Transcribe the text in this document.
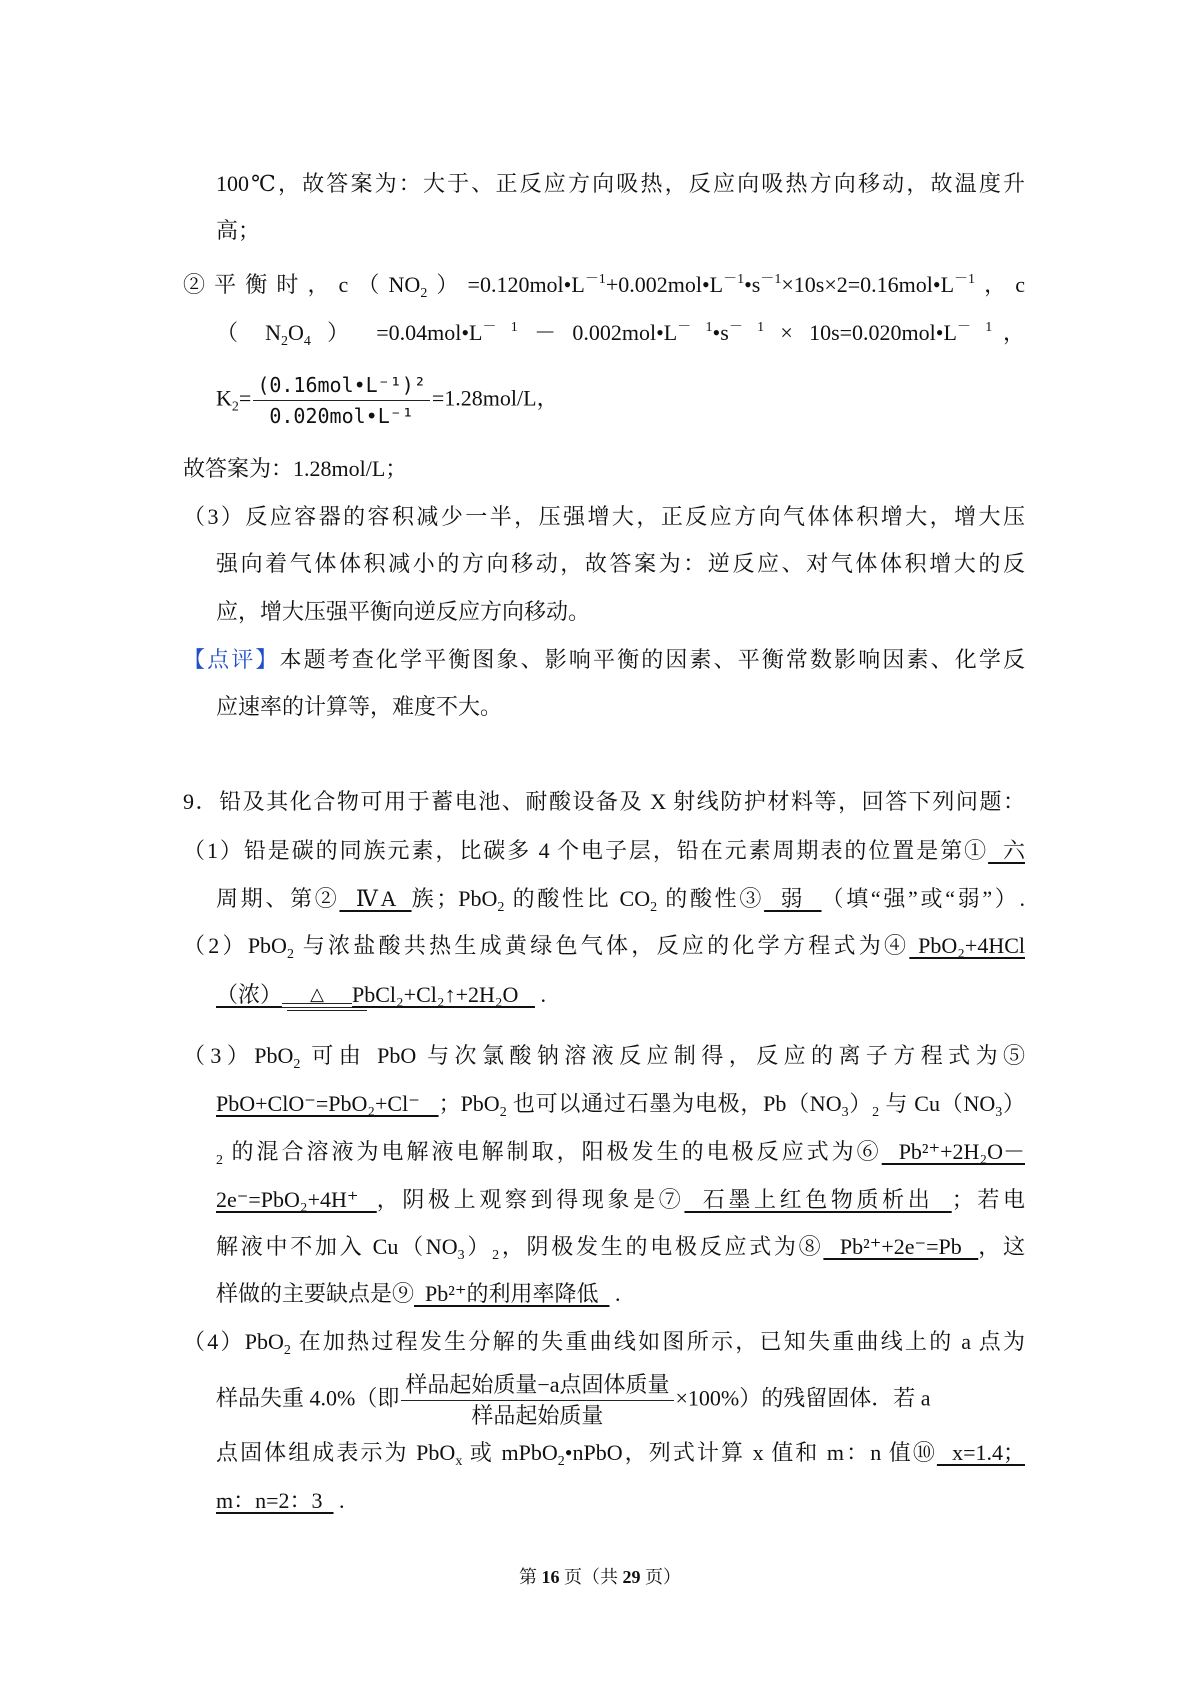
100℃，故答案为：大于、正反应方向吸热，反应向吸热方向移动，故温度升
高；
②平衡时，$c(NO_2)=0.120mol•L^{-1}+0.002mol•L^{-1}•s^{-1}\times 10s\times 2=0.16mol•L^{-1}$，c
（ $N_2O_4$ ） $=0.04mol•L^{- 1}$ － $0.002mol•L^{- 1}•s^{- 1}$ × $10s=0.020mol•L^{- 1}$，
$K_2= \frac{\text{(0.16mol•L⁻¹)²}}{\text{0.020mol•L⁻¹}} =1.28mol/L$，
故答案为：1.28mol/L；
（3）反应容器的容积减少一半，压强增大，正反应方向气体体积增大，增大压
强向着气体体积减小的方向移动，故答案为：逆反应、对气体体积增大的反
应，增大压强平衡向逆反应方向移动。
【点评】本题考查化学平衡图象、影响平衡的因素、平衡常数影响因素、化学反
应速率的计算等，难度不大。
9．铅及其化合物可用于蓄电池、耐酸设备及 X 射线防护材料等，回答下列问题：
（1）铅是碳的同族元素，比碳多 4 个电子层，铅在元素周期表的位置是第①  六
周期、第②  ⅣA  族；PbO$_2$ 的酸性比 $CO_2$ 的酸性③  弱  （填“强”或“弱”）.
（2）PbO$_2$ 与浓盐酸共热生成黄绿色气体，反应的化学方程式为④ PbO₂+4HCl
（浓） △ PbCl₂+Cl₂↑+2H₂O    .
（3）PbO$_2$ 可由 PbO 与次氯酸钠溶液反应制得，反应的离子方程式为⑤
PbO+ClO⁻=PbO₂+Cl⁻   ；PbO$_2$ 也可以通过石墨为电极，$Pb(NO_3)_2$ 与 $Cu(NO_3)$
$_2$ 的混合溶液为电解液电解制取，阳极发生的电极反应式为⑥  Pb²⁺+2H₂O－
2e⁻=PbO₂+4H⁺  ，阴极上观察到得现象是⑦  石墨上红色物质析出  ；若电
解液中不加入 $Cu(NO_3)_2$，阴极发生的电极反应式为⑧  Pb²⁺+2e⁻=Pb  ，这
样做的主要缺点是⑨  Pb²⁺的利用率降低   .
（4）PbO$_2$ 在加热过程发生分解的失重曲线如图所示，已知失重曲线上的 a 点为
样品失重 4.0%（即 $\frac{\text{样品起始质量−a点固体质量}}{\text{样品起始质量}} \times 100\%$）的残留固体．若 a
点固体组成表示为 PbO$_x$ 或 mPbO$_2$•nPbO，列式计算 x 值和 m：n 值⑩  x=1.4；
m：n=2：3   .
第 16 页（共 29 页）
